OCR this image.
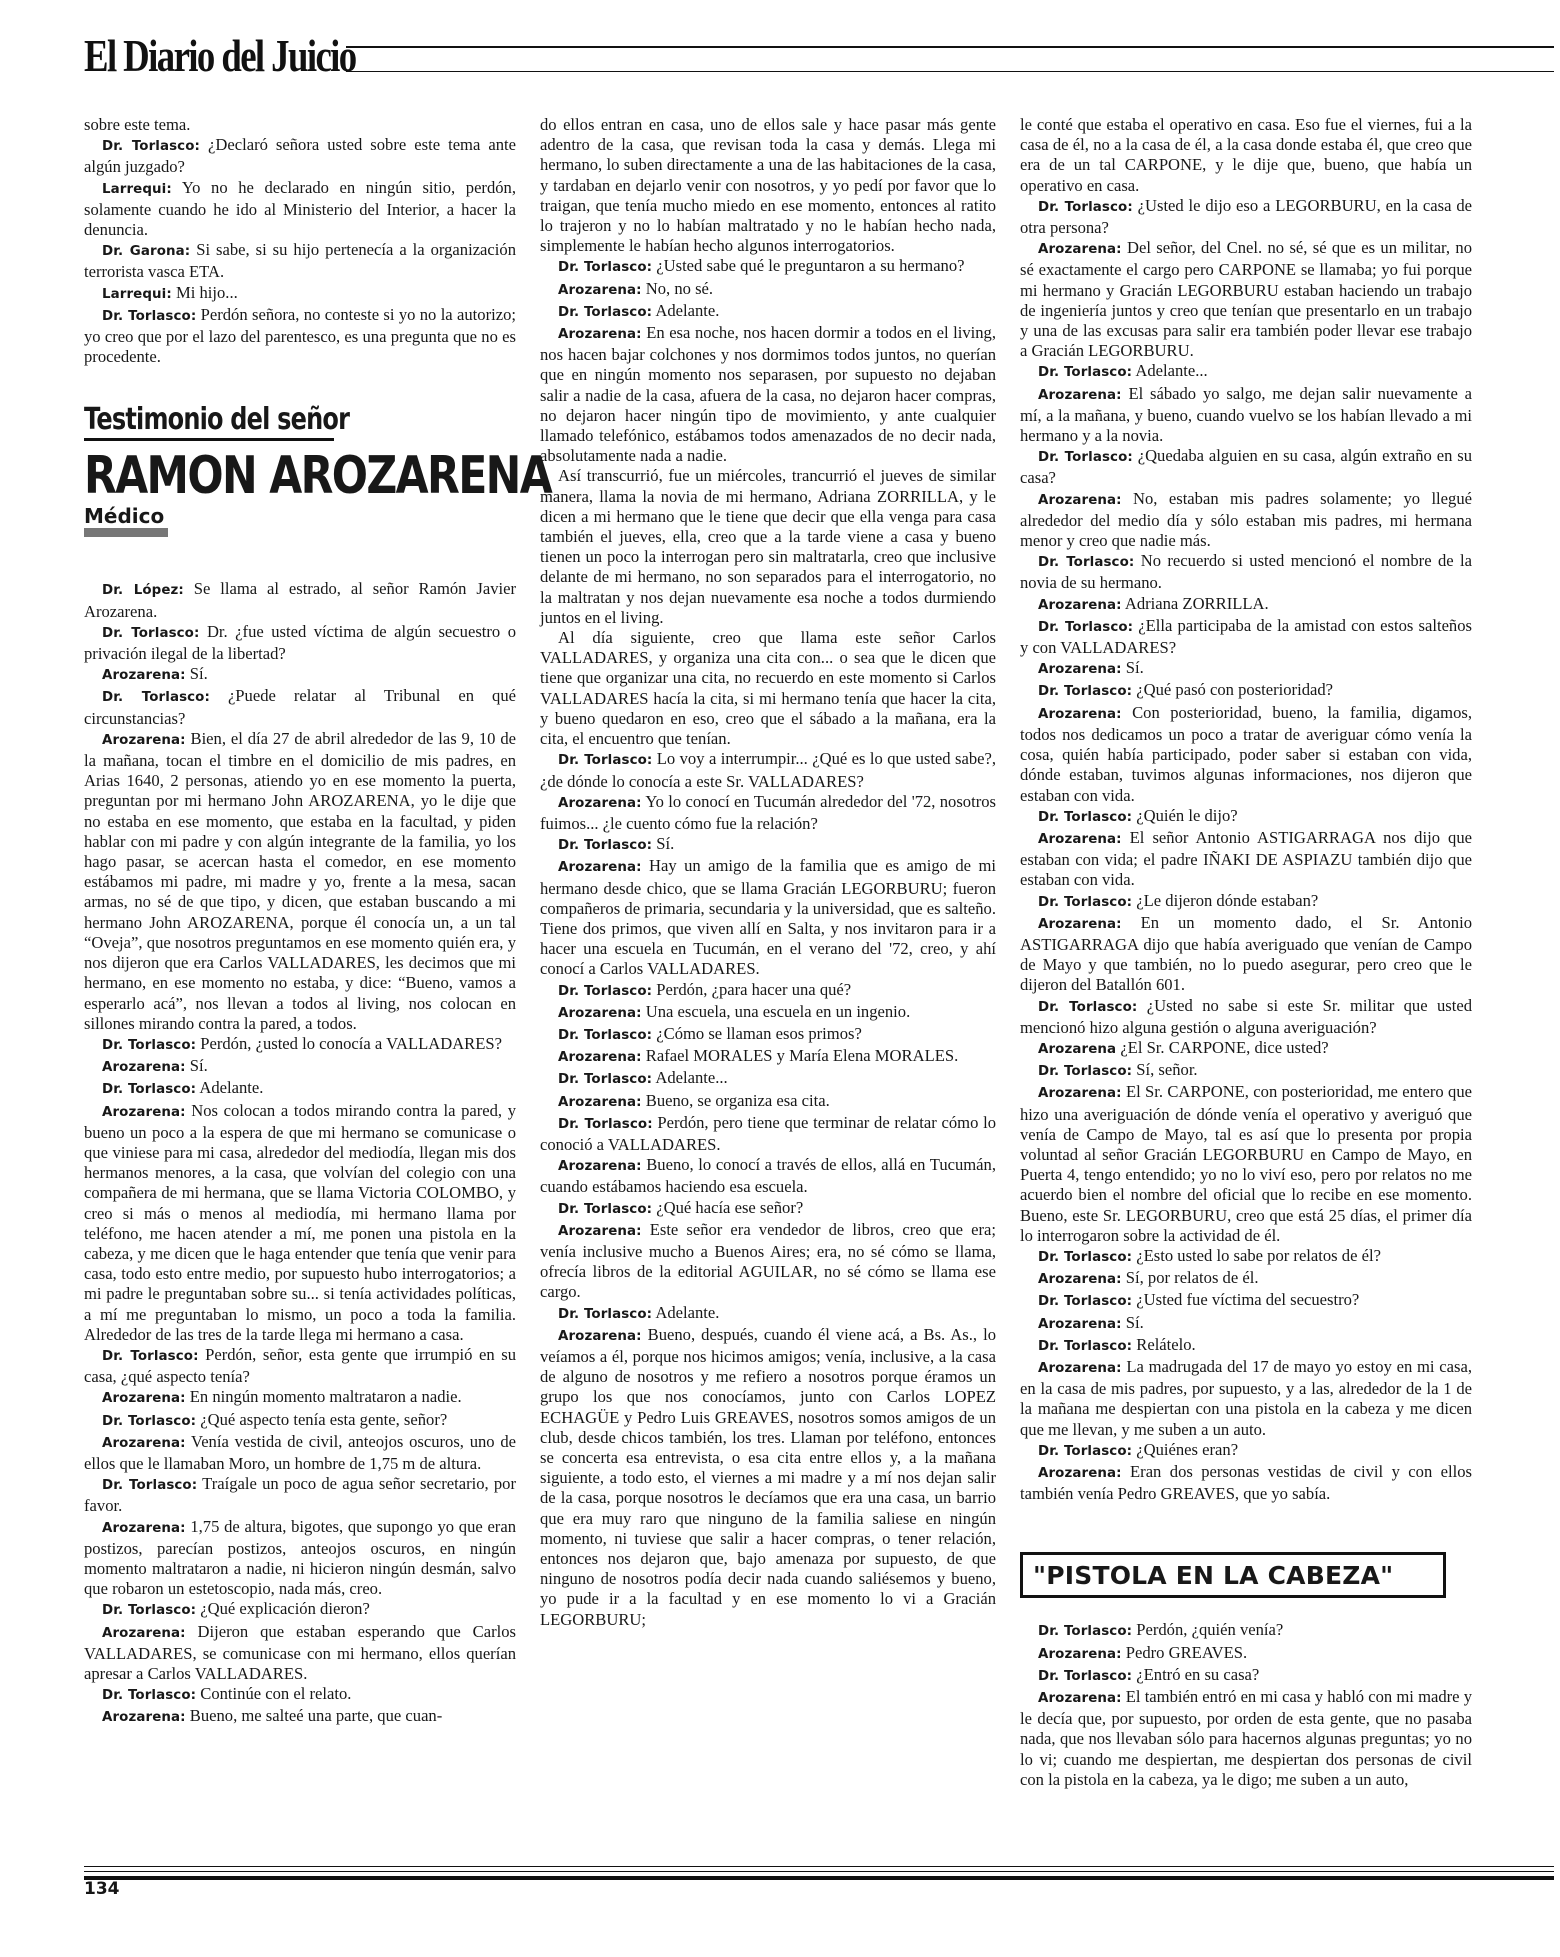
El Diario del Juicio

sobre este tema.

Dr. Torlasco: ¿Declaró señora usted sobre este tema ante algún juzgado?

Larrequi: Yo no he declarado en ningún sitio, perdón, solamente cuando he ido al Ministerio del Interior, a hacer la denuncia.

Dr. Garona: Si sabe, si su hijo pertenecía a la organización terrorista vasca ETA.

Larrequi: Mi hijo...

Dr. Torlasco: Perdón señora, no conteste si yo no la autorizo; yo creo que por el lazo del parentesco, es una pregunta que no es procedente.

Testimonio del señor
RAMON AROZARENA
Médico

Dr. López: Se llama al estrado, al señor Ramón Javier Arozarena.

Dr. Torlasco: Dr. ¿fue usted víctima de algún secuestro o privación ilegal de la libertad?

Arozarena: Sí.

Dr. Torlasco: ¿Puede relatar al Tribunal en qué circunstancias?

Arozarena: Bien, el día 27 de abril alrededor de las 9, 10 de la mañana, tocan el timbre en el domicilio de mis padres, en Arias 1640, 2 personas, atiendo yo en ese momento la puerta, preguntan por mi hermano John AROZARENA, yo le dije que no estaba en ese momento, que estaba en la facultad, y piden hablar con mi padre y con algún integrante de la familia, yo los hago pasar, se acercan hasta el comedor, en ese momento estábamos mi padre, mi madre y yo, frente a la mesa, sacan armas, no sé de que tipo, y dicen, que estaban buscando a mi hermano John AROZARENA, porque él conocía un, a un tal “Oveja”, que nosotros preguntamos en ese momento quién era, y nos dijeron que era Carlos VALLADARES, les decimos que mi hermano, en ese momento no estaba, y dice: “Bueno, vamos a esperarlo acá”, nos llevan a todos al living, nos colocan en sillones mirando contra la pared, a todos.

Dr. Torlasco: Perdón, ¿usted lo conocía a VALLADARES?

Arozarena: Sí.

Dr. Torlasco: Adelante.

Arozarena: Nos colocan a todos mirando contra la pared, y bueno un poco a la espera de que mi hermano se comunicase o que viniese para mi casa, alrededor del mediodía, llegan mis dos hermanos menores, a la casa, que volvían del colegio con una compañera de mi hermana, que se llama Victoria COLOMBO, y creo si más o menos al mediodía, mi hermano llama por teléfono, me hacen atender a mí, me ponen una pistola en la cabeza, y me dicen que le haga entender que tenía que venir para casa, todo esto entre medio, por supuesto hubo interrogatorios; a mi padre le preguntaban sobre su... si tenía actividades políticas, a mí me preguntaban lo mismo, un poco a toda la familia. Alrededor de las tres de la tarde llega mi hermano a casa.

Dr. Torlasco: Perdón, señor, esta gente que irrumpió en su casa, ¿qué aspecto tenía?

Arozarena: En ningún momento maltrataron a nadie.

Dr. Torlasco: ¿Qué aspecto tenía esta gente, señor?

Arozarena: Venía vestida de civil, anteojos oscuros, uno de ellos que le llamaban Moro, un hombre de 1,75 m de altura.

Dr. Torlasco: Traígale un poco de agua señor secretario, por favor.

Arozarena: 1,75 de altura, bigotes, que supongo yo que eran postizos, parecían postizos, anteojos oscuros, en ningún momento maltrataron a nadie, ni hicieron ningún desmán, salvo que robaron un estetoscopio, nada más, creo.

Dr. Torlasco: ¿Qué explicación dieron?

Arozarena: Dijeron que estaban esperando que Carlos VALLADARES, se comunicase con mi hermano, ellos querían apresar a Carlos VALLADARES.

Dr. Torlasco: Continúe con el relato.

Arozarena: Bueno, me salteé una parte, que cuan-

do ellos entran en casa, uno de ellos sale y hace pasar más gente adentro de la casa, que revisan toda la casa y demás. Llega mi hermano, lo suben directamente a una de las habitaciones de la casa, y tardaban en dejarlo venir con nosotros, y yo pedí por favor que lo traigan, que tenía mucho miedo en ese momento, entonces al ratito lo trajeron y no lo habían maltratado y no le habían hecho nada, simplemente le habían hecho algunos interrogatorios.

Dr. Torlasco: ¿Usted sabe qué le preguntaron a su hermano?

Arozarena: No, no sé.

Dr. Torlasco: Adelante.

Arozarena: En esa noche, nos hacen dormir a todos en el living, nos hacen bajar colchones y nos dormimos todos juntos, no querían que en ningún momento nos separasen, por supuesto no dejaban salir a nadie de la casa, afuera de la casa, no dejaron hacer compras, no dejaron hacer ningún tipo de movimiento, y ante cualquier llamado telefónico, estábamos todos amenazados de no decir nada, absolutamente nada a nadie.

Así transcurrió, fue un miércoles, trancurrió el jueves de similar manera, llama la novia de mi hermano, Adriana ZORRILLA, y le dicen a mi hermano que le tiene que decir que ella venga para casa también el jueves, ella, creo que a la tarde viene a casa y bueno tienen un poco la interrogan pero sin maltratarla, creo que inclusive delante de mi hermano, no son separados para el interrogatorio, no la maltratan y nos dejan nuevamente esa noche a todos durmiendo juntos en el living.

Al día siguiente, creo que llama este señor Carlos VALLADARES, y organiza una cita con... o sea que le dicen que tiene que organizar una cita, no recuerdo en este momento si Carlos VALLADARES hacía la cita, si mi hermano tenía que hacer la cita, y bueno quedaron en eso, creo que el sábado a la mañana, era la cita, el encuentro que tenían.

Dr. Torlasco: Lo voy a interrumpir... ¿Qué es lo que usted sabe?, ¿de dónde lo conocía a este Sr. VALLADARES?

Arozarena: Yo lo conocí en Tucumán alrededor del '72, nosotros fuimos... ¿le cuento cómo fue la relación?

Dr. Torlasco: Sí.

Arozarena: Hay un amigo de la familia que es amigo de mi hermano desde chico, que se llama Gracián LEGORBURU; fueron compañeros de primaria, secundaria y la universidad, que es salteño. Tiene dos primos, que viven allí en Salta, y nos invitaron para ir a hacer una escuela en Tucumán, en el verano del '72, creo, y ahí conocí a Carlos VALLADARES.

Dr. Torlasco: Perdón, ¿para hacer una qué?

Arozarena: Una escuela, una escuela en un ingenio.

Dr. Torlasco: ¿Cómo se llaman esos primos?

Arozarena: Rafael MORALES y María Elena MORALES.

Dr. Torlasco: Adelante...

Arozarena: Bueno, se organiza esa cita.

Dr. Torlasco: Perdón, pero tiene que terminar de relatar cómo lo conoció a VALLADARES.

Arozarena: Bueno, lo conocí a través de ellos, allá en Tucumán, cuando estábamos haciendo esa escuela.

Dr. Torlasco: ¿Qué hacía ese señor?

Arozarena: Este señor era vendedor de libros, creo que era; venía inclusive mucho a Buenos Aires; era, no sé cómo se llama, ofrecía libros de la editorial AGUILAR, no sé cómo se llama ese cargo.

Dr. Torlasco: Adelante.

Arozarena: Bueno, después, cuando él viene acá, a Bs. As., lo veíamos a él, porque nos hicimos amigos; venía, inclusive, a la casa de alguno de nosotros y me refiero a nosotros porque éramos un grupo los que nos conocíamos, junto con Carlos LOPEZ ECHAGÜE y Pedro Luis GREAVES, nosotros somos amigos de un club, desde chicos también, los tres. Llaman por teléfono, entonces se concerta esa entrevista, o esa cita entre ellos y, a la mañana siguiente, a todo esto, el viernes a mi madre y a mí nos dejan salir de la casa, porque nosotros le decíamos que era una casa, un barrio que era muy raro que ninguno de la familia saliese en ningún momento, ni tuviese que salir a hacer compras, o tener relación, entonces nos dejaron que, bajo amenaza por supuesto, de que ninguno de nosotros podía decir nada cuando saliésemos y bueno, yo pude ir a la facultad y en ese momento lo vi a Gracián LEGORBURU;

le conté que estaba el operativo en casa. Eso fue el viernes, fui a la casa de él, no a la casa de él, a la casa donde estaba él, que creo que era de un tal CARPONE, y le dije que, bueno, que había un operativo en casa.

Dr. Torlasco: ¿Usted le dijo eso a LEGORBURU, en la casa de otra persona?

Arozarena: Del señor, del Cnel. no sé, sé que es un militar, no sé exactamente el cargo pero CARPONE se llamaba; yo fui porque mi hermano y Gracián LEGORBURU estaban haciendo un trabajo de ingeniería juntos y creo que tenían que presentarlo en un trabajo y una de las excusas para salir era también poder llevar ese trabajo a Gracián LEGORBURU.

Dr. Torlasco: Adelante...

Arozarena: El sábado yo salgo, me dejan salir nuevamente a mí, a la mañana, y bueno, cuando vuelvo se los habían llevado a mi hermano y a la novia.

Dr. Torlasco: ¿Quedaba alguien en su casa, algún extraño en su casa?

Arozarena: No, estaban mis padres solamente; yo llegué alrededor del medio día y sólo estaban mis padres, mi hermana menor y creo que nadie más.

Dr. Torlasco: No recuerdo si usted mencionó el nombre de la novia de su hermano.

Arozarena: Adriana ZORRILLA.

Dr. Torlasco: ¿Ella participaba de la amistad con estos salteños y con VALLADARES?

Arozarena: Sí.

Dr. Torlasco: ¿Qué pasó con posterioridad?

Arozarena: Con posterioridad, bueno, la familia, digamos, todos nos dedicamos un poco a tratar de averiguar cómo venía la cosa, quién había participado, poder saber si estaban con vida, dónde estaban, tuvimos algunas informaciones, nos dijeron que estaban con vida.

Dr. Torlasco: ¿Quién le dijo?

Arozarena: El señor Antonio ASTIGARRAGA nos dijo que estaban con vida; el padre IÑAKI DE ASPIAZU también dijo que estaban con vida.

Dr. Torlasco: ¿Le dijeron dónde estaban?

Arozarena: En un momento dado, el Sr. Antonio ASTIGARRAGA dijo que había averiguado que venían de Campo de Mayo y que también, no lo puedo asegurar, pero creo que le dijeron del Batallón 601.

Dr. Torlasco: ¿Usted no sabe si este Sr. militar que usted mencionó hizo alguna gestión o alguna averiguación?

Arozarena ¿El Sr. CARPONE, dice usted?

Dr. Torlasco: Sí, señor.

Arozarena: El Sr. CARPONE, con posterioridad, me entero que hizo una averiguación de dónde venía el operativo y averiguó que venía de Campo de Mayo, tal es así que lo presenta por propia voluntad al señor Gracián LEGORBURU en Campo de Mayo, en Puerta 4, tengo entendido; yo no lo viví eso, pero por relatos no me acuerdo bien el nombre del oficial que lo recibe en ese momento. Bueno, este Sr. LEGORBURU, creo que está 25 días, el primer día lo interrogaron sobre la actividad de él.

Dr. Torlasco: ¿Esto usted lo sabe por relatos de él?

Arozarena: Sí, por relatos de él.

Dr. Torlasco: ¿Usted fue víctima del secuestro?

Arozarena: Sí.

Dr. Torlasco: Relátelo.

Arozarena: La madrugada del 17 de mayo yo estoy en mi casa, en la casa de mis padres, por supuesto, y a las, alrededor de la 1 de la mañana me despiertan con una pistola en la cabeza y me dicen que me llevan, y me suben a un auto.

Dr. Torlasco: ¿Quiénes eran?

Arozarena: Eran dos personas vestidas de civil y con ellos también venía Pedro GREAVES, que yo sabía.

"PISTOLA EN LA CABEZA"

Dr. Torlasco: Perdón, ¿quién venía?

Arozarena: Pedro GREAVES.

Dr. Torlasco: ¿Entró en su casa?

Arozarena: El también entró en mi casa y habló con mi madre y le decía que, por supuesto, por orden de esta gente, que no pasaba nada, que nos llevaban sólo para hacernos algunas preguntas; yo no lo vi; cuando me despiertan, me despiertan dos personas de civil con la pistola en la cabeza, ya le digo; me suben a un auto,

134
